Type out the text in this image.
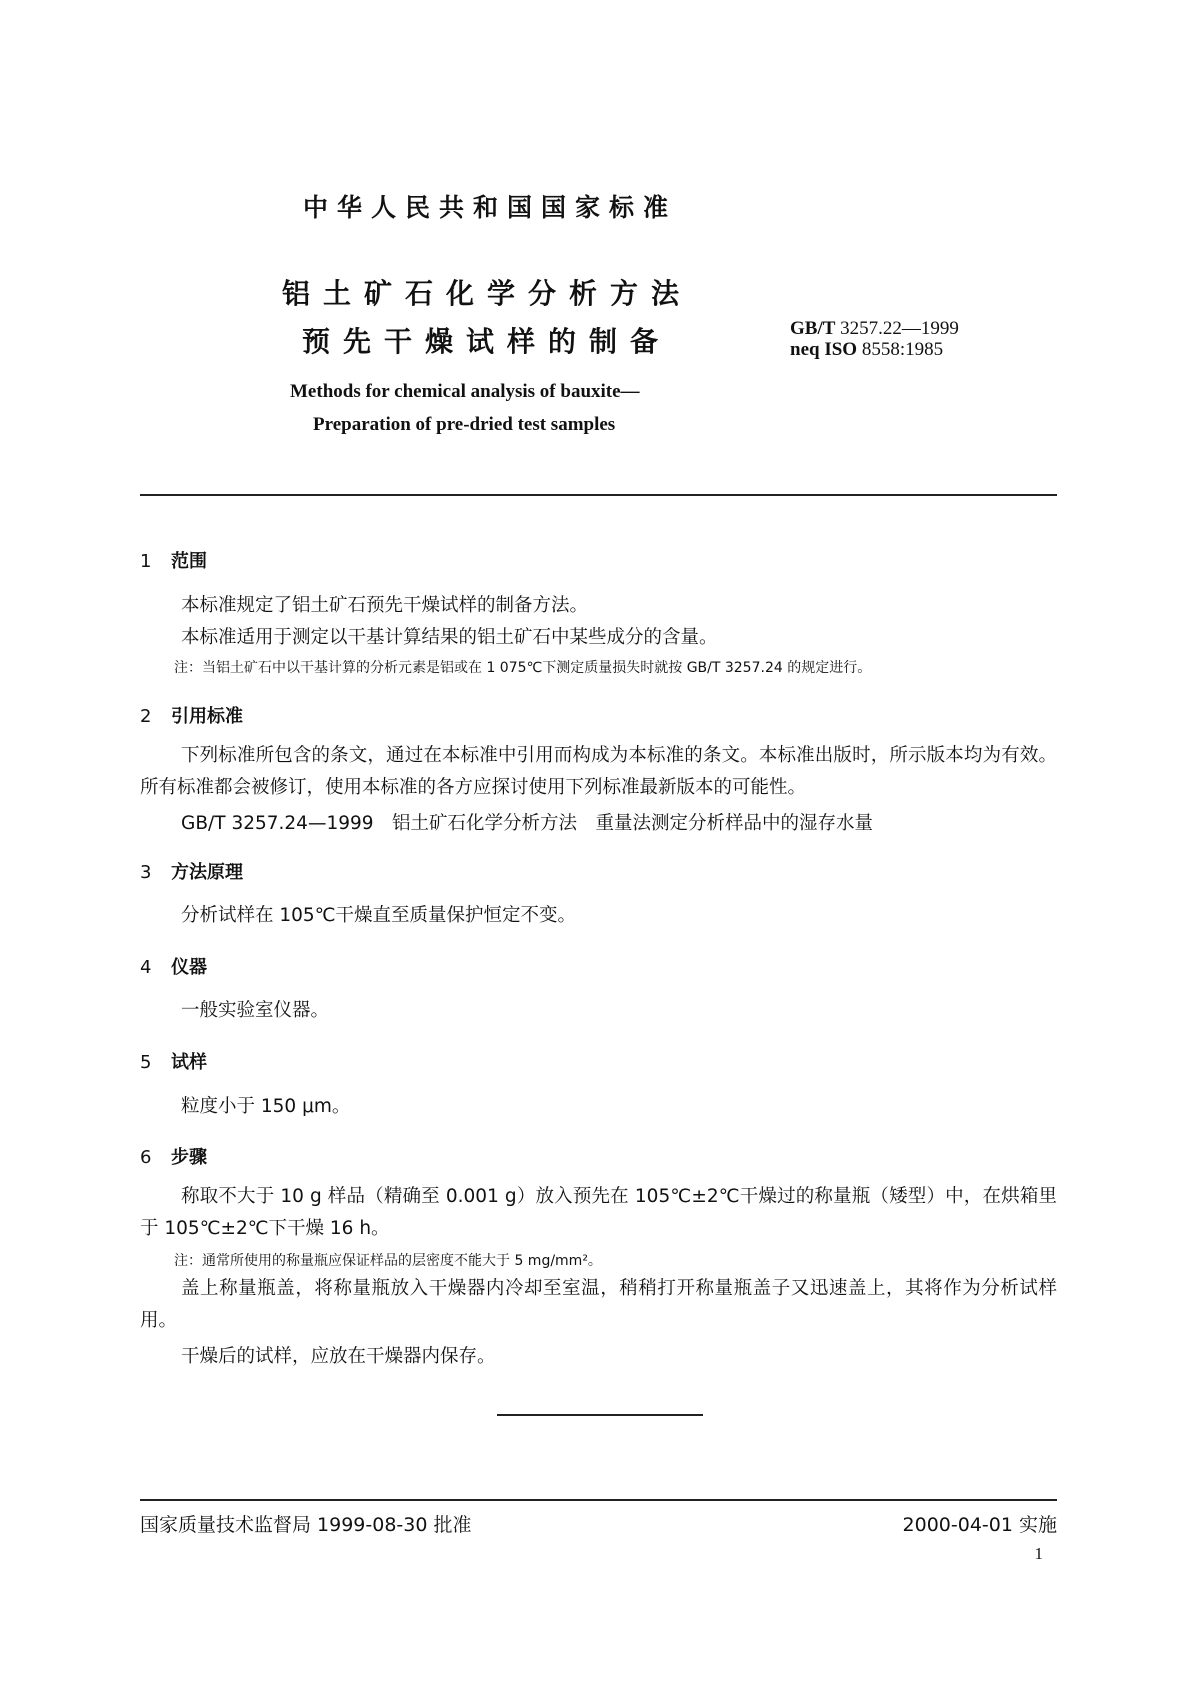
中华人民共和国国家标准
铝土矿石化学分析方法
预先干燥试样的制备	GB/T 3257.22—1999
neq ISO 8558:1985
Methods for chemical analysis of bauxite—
Preparation of pre-dried test samples
1 范围
本标准规定了铝土矿石预先干燥试样的制备方法。
本标准适用于测定以干基计算结果的铝土矿石中某些成分的含量。
注：当铝土矿石中以干基计算的分析元素是铝或在 1 075℃下测定质量损失时就按 GB/T 3257.24 的规定进行。
2 引用标准
下列标准所包含的条文，通过在本标准中引用而构成为本标准的条文。本标准出版时，所示版本均为有效。所有标准都会被修订，使用本标准的各方应探讨使用下列标准最新版本的可能性。
GB/T 3257.24—1999　铝土矿石化学分析方法　重量法测定分析样品中的湿存水量
3 方法原理
分析试样在 105℃干燥直至质量保护恒定不变。
4 仪器
一般实验室仪器。
5 试样
粒度小于 150 μm。
6 步骤
称取不大于 10 g 样品（精确至 0.001 g）放入预先在 105℃±2℃干燥过的称量瓶（矮型）中，在烘箱里于 105℃±2℃下干燥 16 h。
注：通常所使用的称量瓶应保证样品的层密度不能大于 5 mg/mm²。
盖上称量瓶盖，将称量瓶放入干燥器内冷却至室温，稍稍打开称量瓶盖子又迅速盖上，其将作为分析试样用。
干燥后的试样，应放在干燥器内保存。
国家质量技术监督局 1999-08-30 批准	2000-04-01 实施
1
